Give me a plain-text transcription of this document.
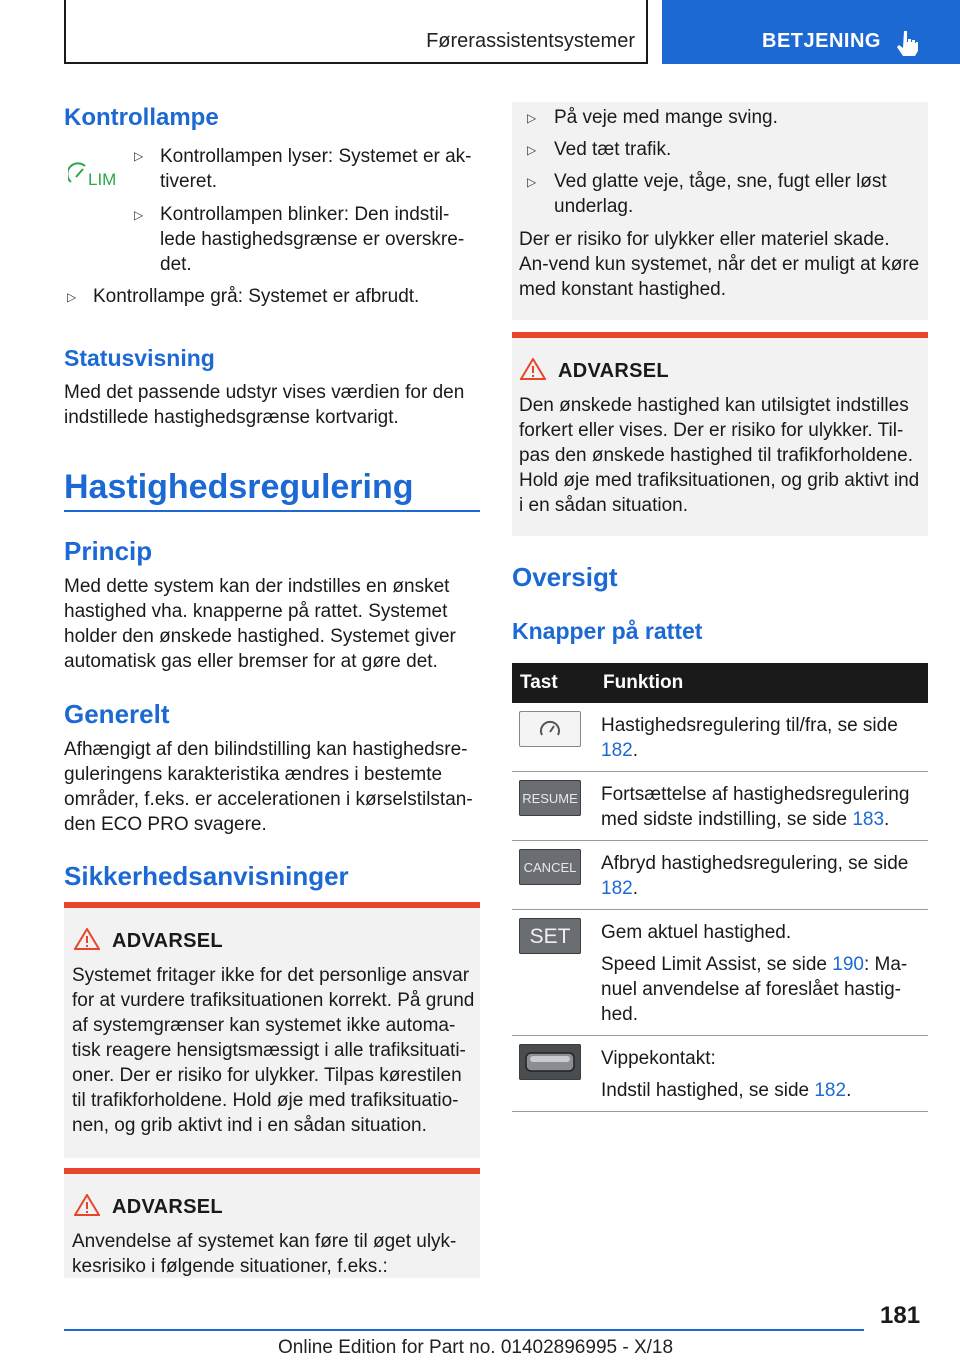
Førerassistentsystemer	BETJENING
Kontrollampe
LIM
▷ Kontrollampen lyser: Systemet er ak-tiveret.
▷ Kontrollampen blinker: Den indstil-lede hastighedsgrænse er overskre-det.
▷ Kontrollampe grå: Systemet er afbrudt.
Statusvisning
Med det passende udstyr vises værdien for den indstillede hastighedsgrænse kortvarigt.
Hastighedsregulering
Princip
Med dette system kan der indstilles en ønsket hastighed vha. knapperne på rattet. Systemet holder den ønskede hastighed. Systemet giver automatisk gas eller bremser for at gøre det.
Generelt
Afhængigt af den bilindstilling kan hastighedsre-guleringens karakteristika ændres i bestemte områder, f.eks. er accelerationen i kørselstilstan-den ECO PRO svagere.
Sikkerhedsanvisninger
ADVARSEL
Systemet fritager ikke for det personlige ansvar for at vurdere trafiksituationen korrekt. På grund af systemgrænser kan systemet ikke automa-tisk reagere hensigtsmæssigt i alle trafiksituati-oner. Der er risiko for ulykker. Tilpas kørestilen til trafikforholdene. Hold øje med trafiksituatio-nen, og grib aktivt ind i en sådan situation.
ADVARSEL
Anvendelse af systemet kan føre til øget ulyk-kesrisiko i følgende situationer, f.eks.:
▷ På veje med mange sving.
▷ Ved tæt trafik.
▷ Ved glatte veje, tåge, sne, fugt eller løst underlag.
Der er risiko for ulykker eller materiel skade. An-vend kun systemet, når det er muligt at køre med konstant hastighed.
ADVARSEL
Den ønskede hastighed kan utilsigtet indstilles forkert eller vises. Der er risiko for ulykker. Til-pas den ønskede hastighed til trafikforholdene. Hold øje med trafiksituationen, og grib aktivt ind i en sådan situation.
Oversigt
Knapper på rattet
Tast	Funktion

	Hastighedsregulering til/fra, se side 182.

RESUME	Fortsættelse af hastighedsregulering med sidste indstilling, se side 183.

CANCEL	Afbryd hastighedsregulering, se side 182.

SET	Gem aktuel hastighed.
Speed Limit Assist, se side 190: Ma-nuel anvendelse af foreslået hastig-hed.

Vippekontakt:
Indstil hastighed, se side 182.
181
Online Edition for Part no. 01402896995 - X/18
